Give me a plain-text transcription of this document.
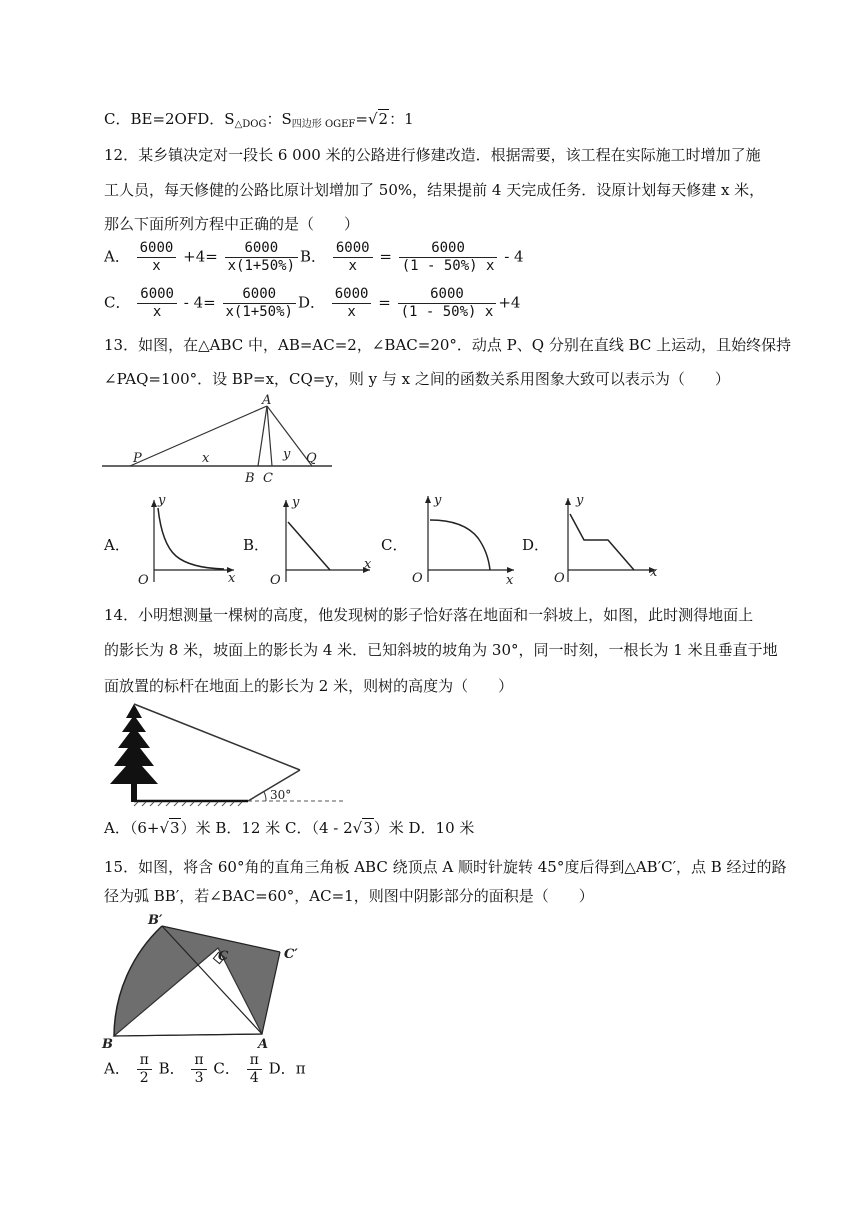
C．BE=2OFD．$S_{\triangle DOG}$：$S_{四边形 OGEF}=√2$：1
12．某乡镇决定对一段长 6 000 米的公路进行修建改造．根据需要，该工程在实际施工时增加了施
工人员，每天修健的公路比原计划增加了 50%，结果提前 4 天完成任务．设原计划每天修建 x 米，
那么下面所列方程中正确的是（　　）
A． $\frac{6000}{x} +4= \frac{6000}{x(1+50\%)}$ B． $\frac{6000}{x} = \frac{6000}{(1 - 50\%) x} - 4$
C． $\frac{6000}{x} - 4= \frac{6000}{x(1+50\%)}$ D． $\frac{6000}{x} = \frac{6000}{(1 - 50\%) x} +4$
13．如图，在△ABC 中，AB=AC=2，∠BAC=20°．动点 P、Q 分别在直线 BC 上运动，且始终保持
∠PAQ=100°．设 BP=x，CQ=y，则 y 与 x 之间的函数关系用图象大致可以表示为（　　）
A
P
B C
Q
x	y
A．
y
x
O
B．
y
x
O
C．
y
x
O
D．
y
x
O
14．小明想测量一棵树的高度，他发现树的影子恰好落在地面和一斜坡上，如图，此时测得地面上
的影长为 8 米，坡面上的影长为 4 米．已知斜坡的坡角为 30°，同一时刻，一根长为 1 米且垂直于地
面放置的标杆在地面上的影长为 2 米，则树的高度为（　　）
30°
A．（6+√3）米 B．12 米 C．（4 - 2√3）米 D．10 米
15．如图，将含 60°角的直角三角板 ABC 绕顶点 A 顺时针旋转 45°度后得到△AB′C′，点 B 经过的路
径为弧 BB′，若∠BAC=60°，AC=1，则图中阴影部分的面积是（　　）
B′
C′
C
B	A
A． $\frac{\pi}{2}$ B． $\frac{\pi}{3}$ C． $\frac{\pi}{4}$ D．π
